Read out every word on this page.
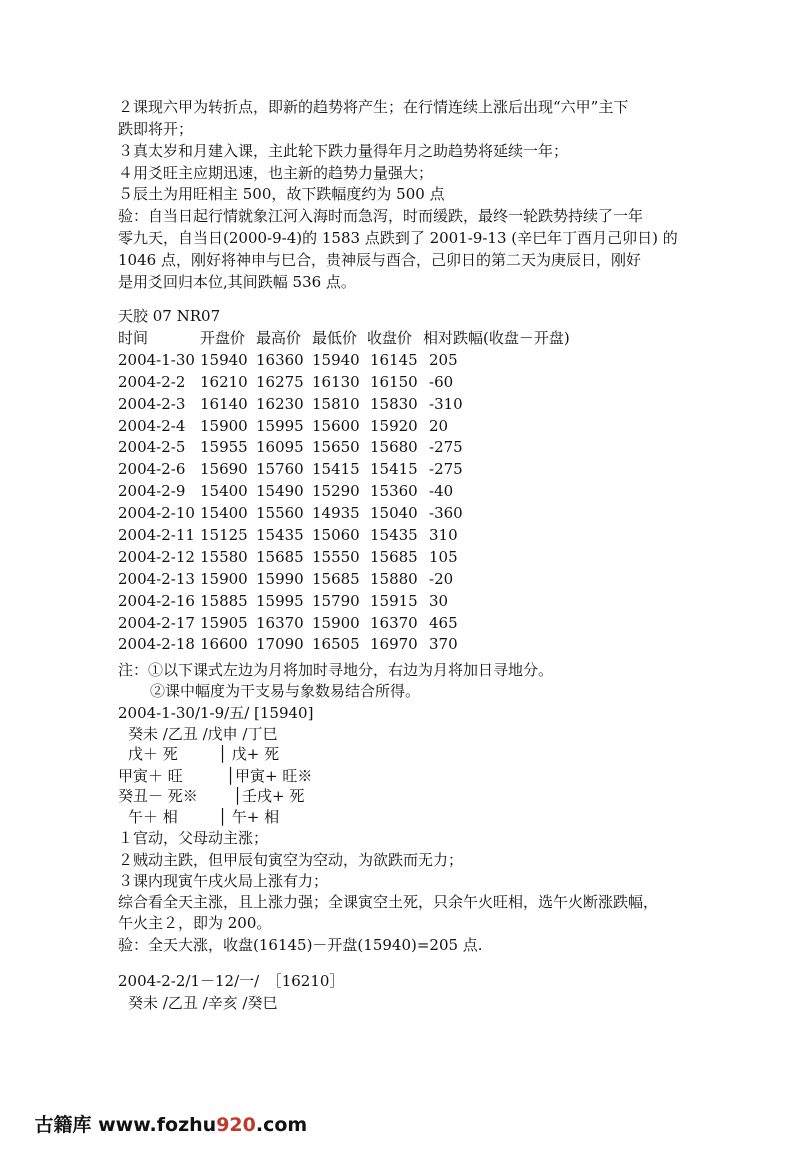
２课现六甲为转折点，即新的趋势将产生；在行情连续上涨后出现“六甲”主下
跌即将开；
３真太岁和月建入课，主此轮下跌力量得年月之助趋势将延续一年；
４用爻旺主应期迅速，也主新的趋势力量强大；
５辰土为用旺相主 500，故下跌幅度约为 500 点
验：自当日起行情就象江河入海时而急泻，时而缓跌，最终一轮跌势持续了一年
零九天，自当日(2000-9-4)的 1583 点跌到了 2001-9-13 (辛巳年丁酉月己卯日) 的
1046 点，刚好将神申与巳合，贵神辰与酉合，己卯日的第二天为庚辰日，刚好
是用爻回归本位,其间跌幅 536 点。
天胶 07 NR07
时间	开盘价 最高价 最低价 收盘价 相对跌幅(收盘－开盘)
2004-1-30 15940 16360 15940 16145 205
2004-2-2 16210 16275 16130 16150 -60
2004-2-3 16140 16230 15810 15830 -310
2004-2-4 15900 15995 15600 15920 20
2004-2-5 15955 16095 15650 15680 -275
2004-2-6 15690 15760 15415 15415 -275
2004-2-9 15400 15490 15290 15360 -40
2004-2-10 15400 15560 14935 15040 -360
2004-2-11 15125 15435 15060 15435 310
2004-2-12 15580 15685 15550 15685 105
2004-2-13 15900 15990 15685 15880 -20
2004-2-16 15885 15995 15790 15915 30
2004-2-17 15905 16370 15900 16370 465
2004-2-18 16600 17090 16505 16970 370
注：①以下课式左边为月将加时寻地分，右边为月将加日寻地分。
②课中幅度为干支易与象数易结合所得。
2004-1-30/1-9/五/ [15940]
癸未 /乙丑 /戊申 /丁巳
戊＋ 死	│ 戊+ 死
甲寅＋ 旺	│甲寅+ 旺※
癸丑－ 死※ │壬戌+ 死
午＋ 相	│ 午+ 相
１官动，父母动主涨；
２贼动主跌，但甲辰旬寅空为空动，为欲跌而无力；
３课内现寅午戌火局上涨有力；
综合看全天主涨，且上涨力强；全课寅空土死，只余午火旺相，选午火断涨跌幅，
午火主２，即为 200。
验：全天大涨，收盘(16145)－开盘(15940)=205 点.
2004-2-2/1－12/一/　［16210］
癸未 /乙丑 /辛亥 /癸巳

古籍库 www.fozhu920.com
